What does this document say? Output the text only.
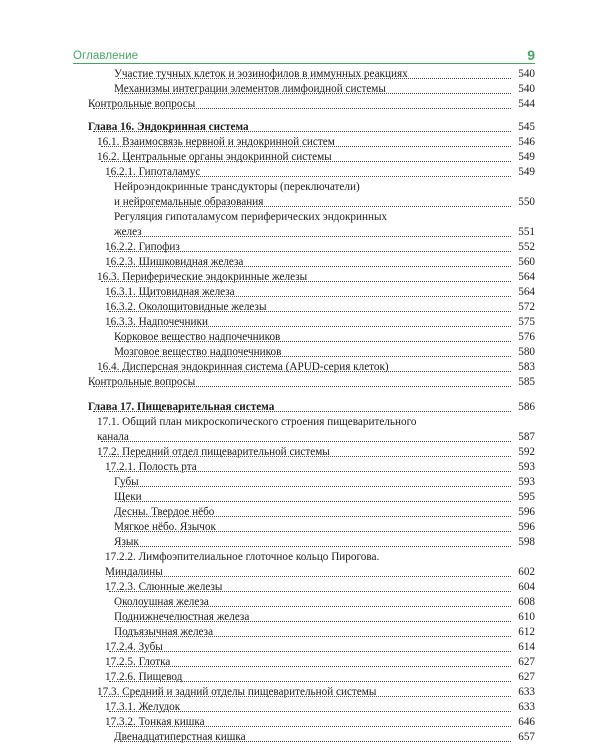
Оглавление	9
Участие тучных клеток и эозинофилов в иммунных реакциях	540
Механизмы интеграции элементов лимфоидной системы	540
Контрольные вопросы	544
Глава 16. Эндокринная система	545
16.1. Взаимосвязь нервной и эндокринной систем	546
16.2. Центральные органы эндокринной системы	549
16.2.1. Гипоталамус	549
Нейроэндокринные трансдукторы (переключатели)
и нейрогемальные образования	550
Регуляция гипоталамусом периферических эндокринных
желез	551
16.2.2. Гипофиз	552
16.2.3. Шишковидная железа	560
16.3. Периферические эндокринные железы	564
16.3.1. Щитовидная железа	564
16.3.2. Околощитовидные железы	572
16.3.3. Надпочечники	575
Корковое вещество надпочечников	576
Мозговое вещество надпочечников	580
16.4. Дисперсная эндокринная система (APUD-серия клеток)	583
Контрольные вопросы	585
Глава 17. Пищеварительная система	586
17.1. Общий план микроскопического строения пищеварительного
канала	587
17.2. Передний отдел пищеварительной системы	592
17.2.1. Полость рта	593
Губы	593
Щеки	595
Десны. Твердое нёбо	596
Мягкое нёбо. Язычок	596
Язык	598
17.2.2. Лимфоэпителиальное глоточное кольцо Пирогова.
Миндалины	602
17.2.3. Слюнные железы	604
Околоушная железа	608
Поднижнечелюстная железа	610
Подъязычная железа	612
17.2.4. Зубы	614
17.2.5. Глотка	627
17.2.6. Пищевод	627
17.3. Средний и задний отделы пищеварительной системы	633
17.3.1. Желудок	633
17.3.2. Тонкая кишка	646
Двенадцатиперстная кишка	657
